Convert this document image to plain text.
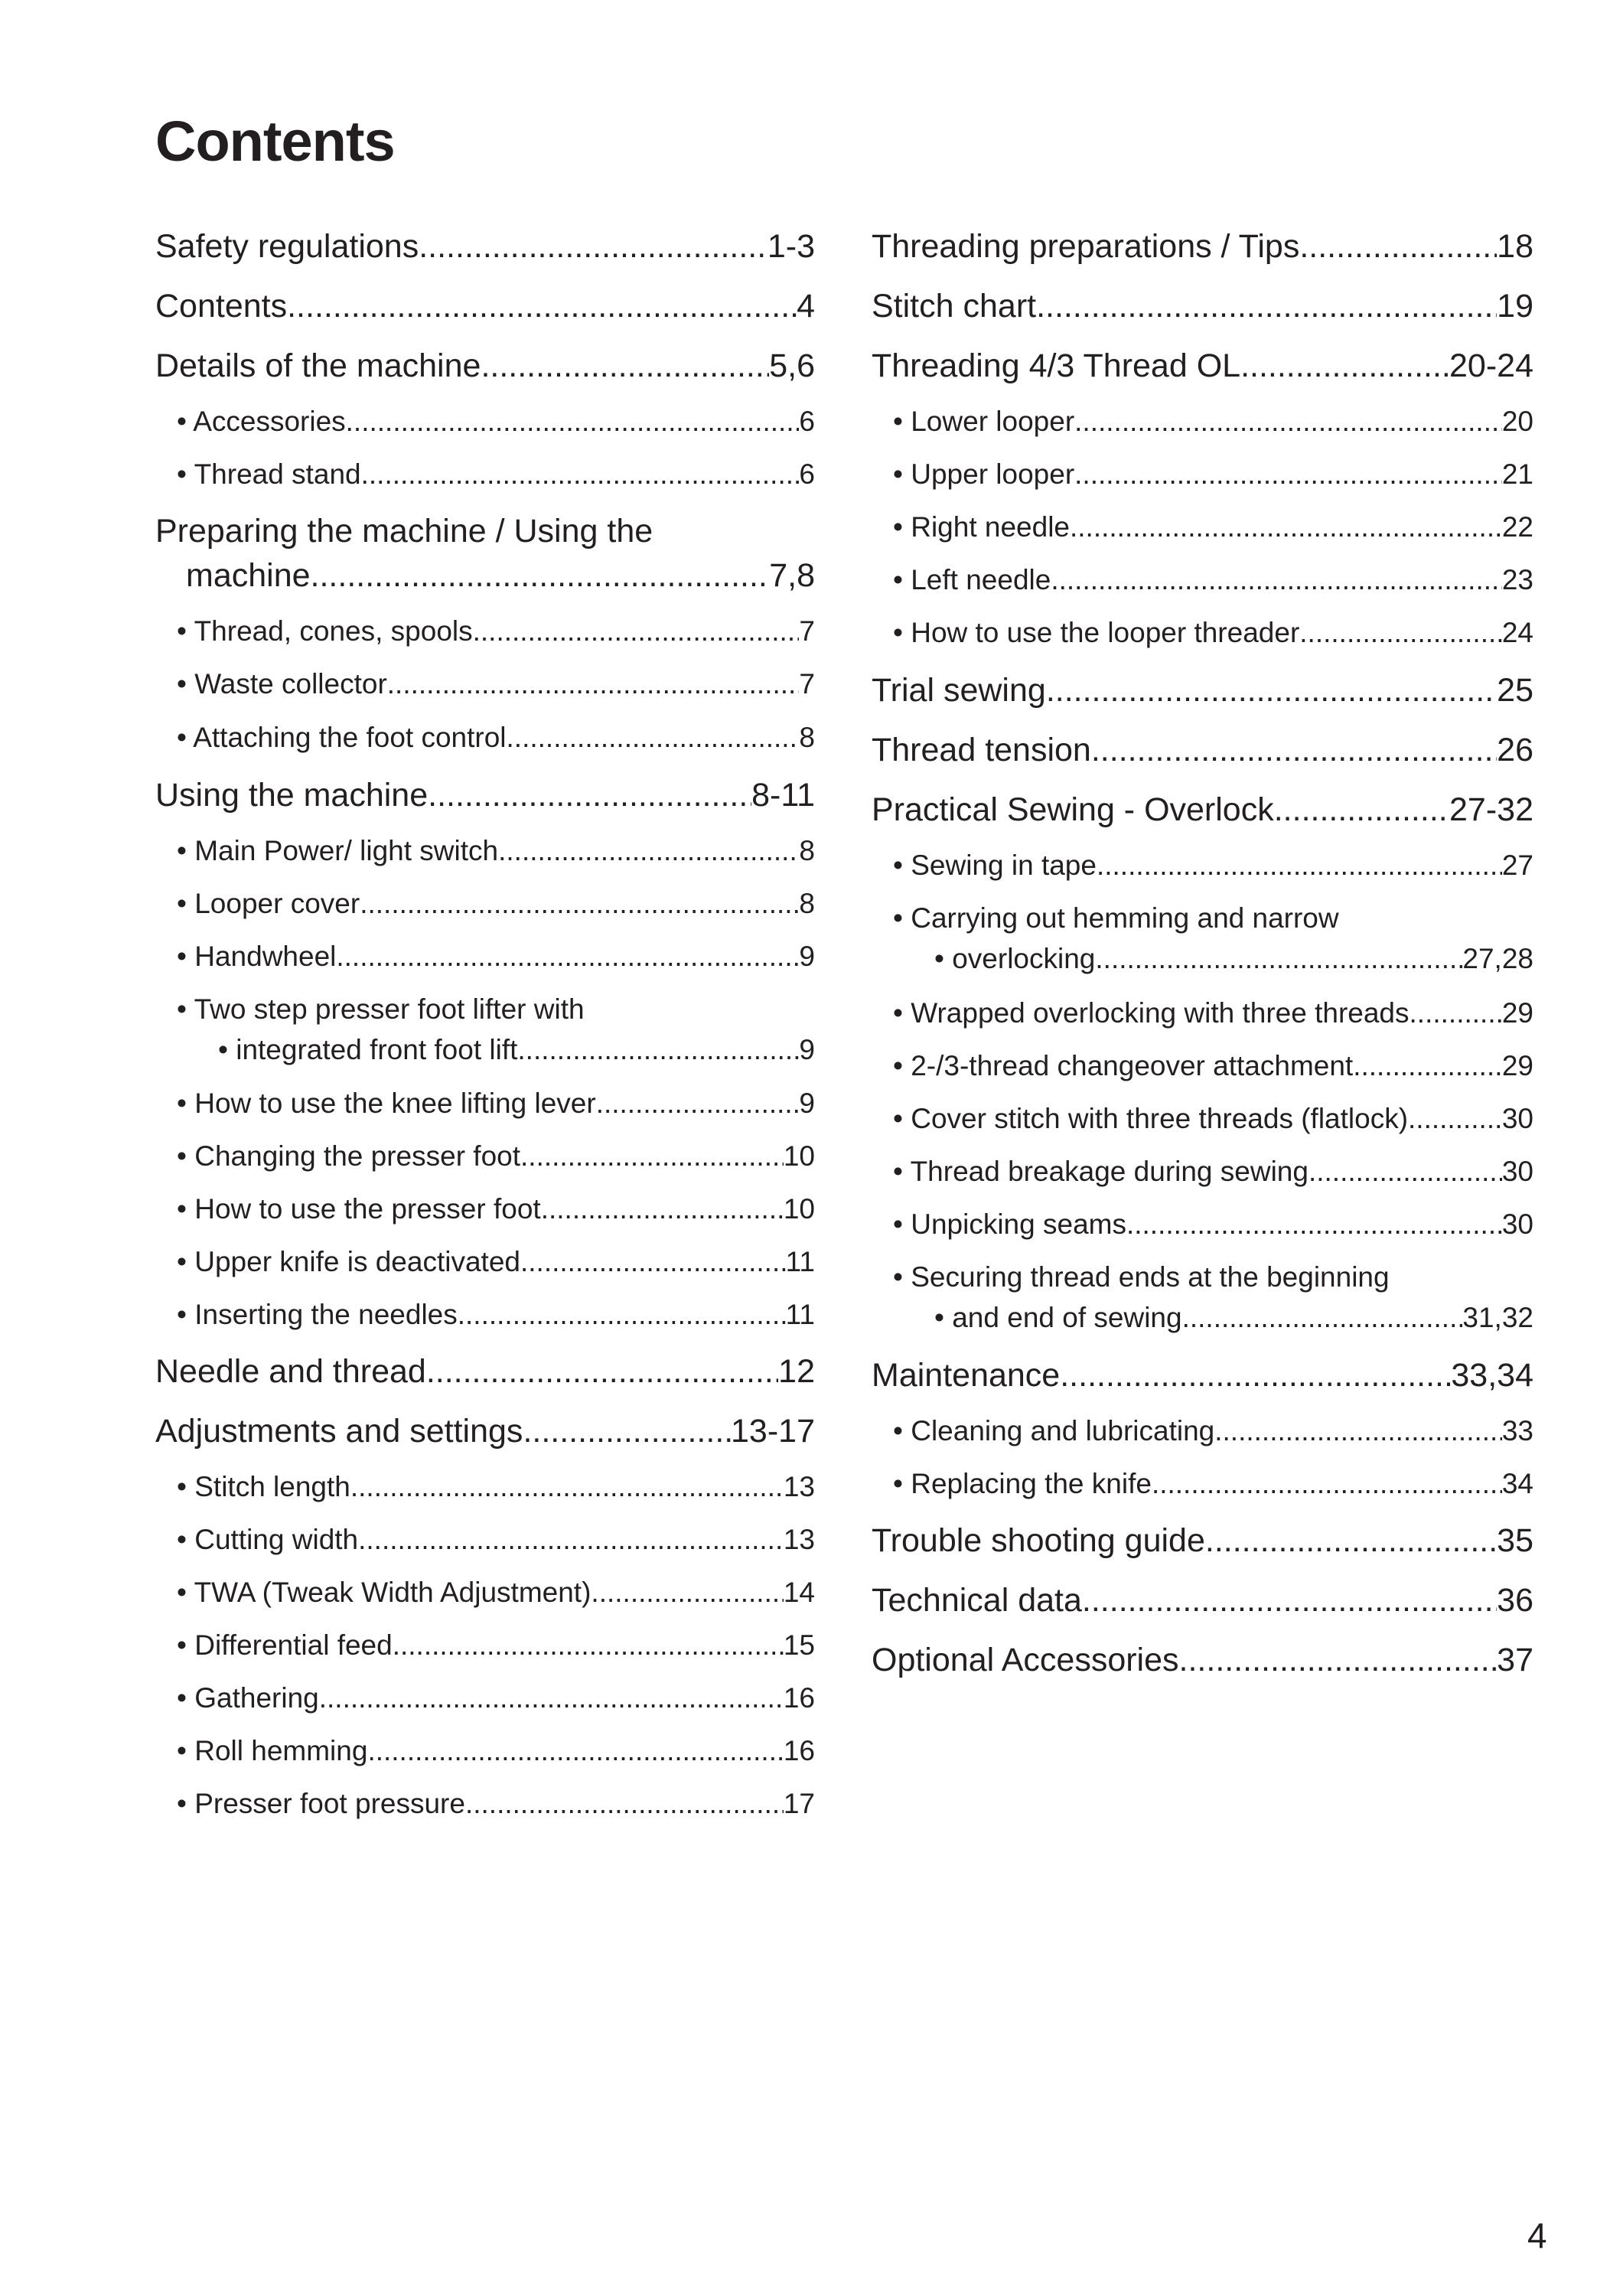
Contents
Safety regulations .....	1-3
Contents .....	4
Details of the machine .....	5,6
• Accessories .....	6
• Thread stand .....	6
Preparing the machine / Using the
machine .....	7,8
• Thread, cones, spools .....	7
• Waste collector .....	7
• Attaching the foot control .....	8
Using the machine .....	8-11
• Main Power/ light switch .....	8
• Looper cover .....	8
• Handwheel .....	9
• Two step presser foot lifter with
• integrated front foot lift .....	9
• How to use the knee lifting lever .....	9
• Changing the presser foot .....	10
• How to use the presser foot .....	10
• Upper knife is deactivated .....	11
• Inserting the needles .....	11
Needle and thread .....	12
Adjustments and settings .....	13-17
• Stitch length .....	13
• Cutting width .....	13
• TWA (Tweak Width Adjustment) .....	14
• Differential feed .....	15
• Gathering .....	16
• Roll hemming .....	16
• Presser foot pressure .....	17
Threading preparations / Tips .....	18
Stitch chart .....	19
Threading 4/3 Thread OL .....	20-24
• Lower looper .....	20
• Upper looper .....	21
• Right needle .....	22
• Left needle .....	23
• How to use the looper threader .....	24
Trial sewing .....	25
Thread tension .....	26
Practical Sewing - Overlock .....	27-32
• Sewing in tape .....	27
• Carrying out hemming and narrow
• overlocking .....	27,28
• Wrapped overlocking with three threads .....	29
• 2-/3-thread changeover attachment .....	29
• Cover stitch with three threads (flatlock) .....	30
• Thread breakage during sewing .....	30
• Unpicking seams .....	30
• Securing thread ends at the beginning
• and end of sewing .....	31,32
Maintenance .....	33,34
• Cleaning and lubricating .....	33
• Replacing the knife .....	34
Trouble shooting guide .....	35
Technical data .....	36
Optional Accessories .....	37
4
